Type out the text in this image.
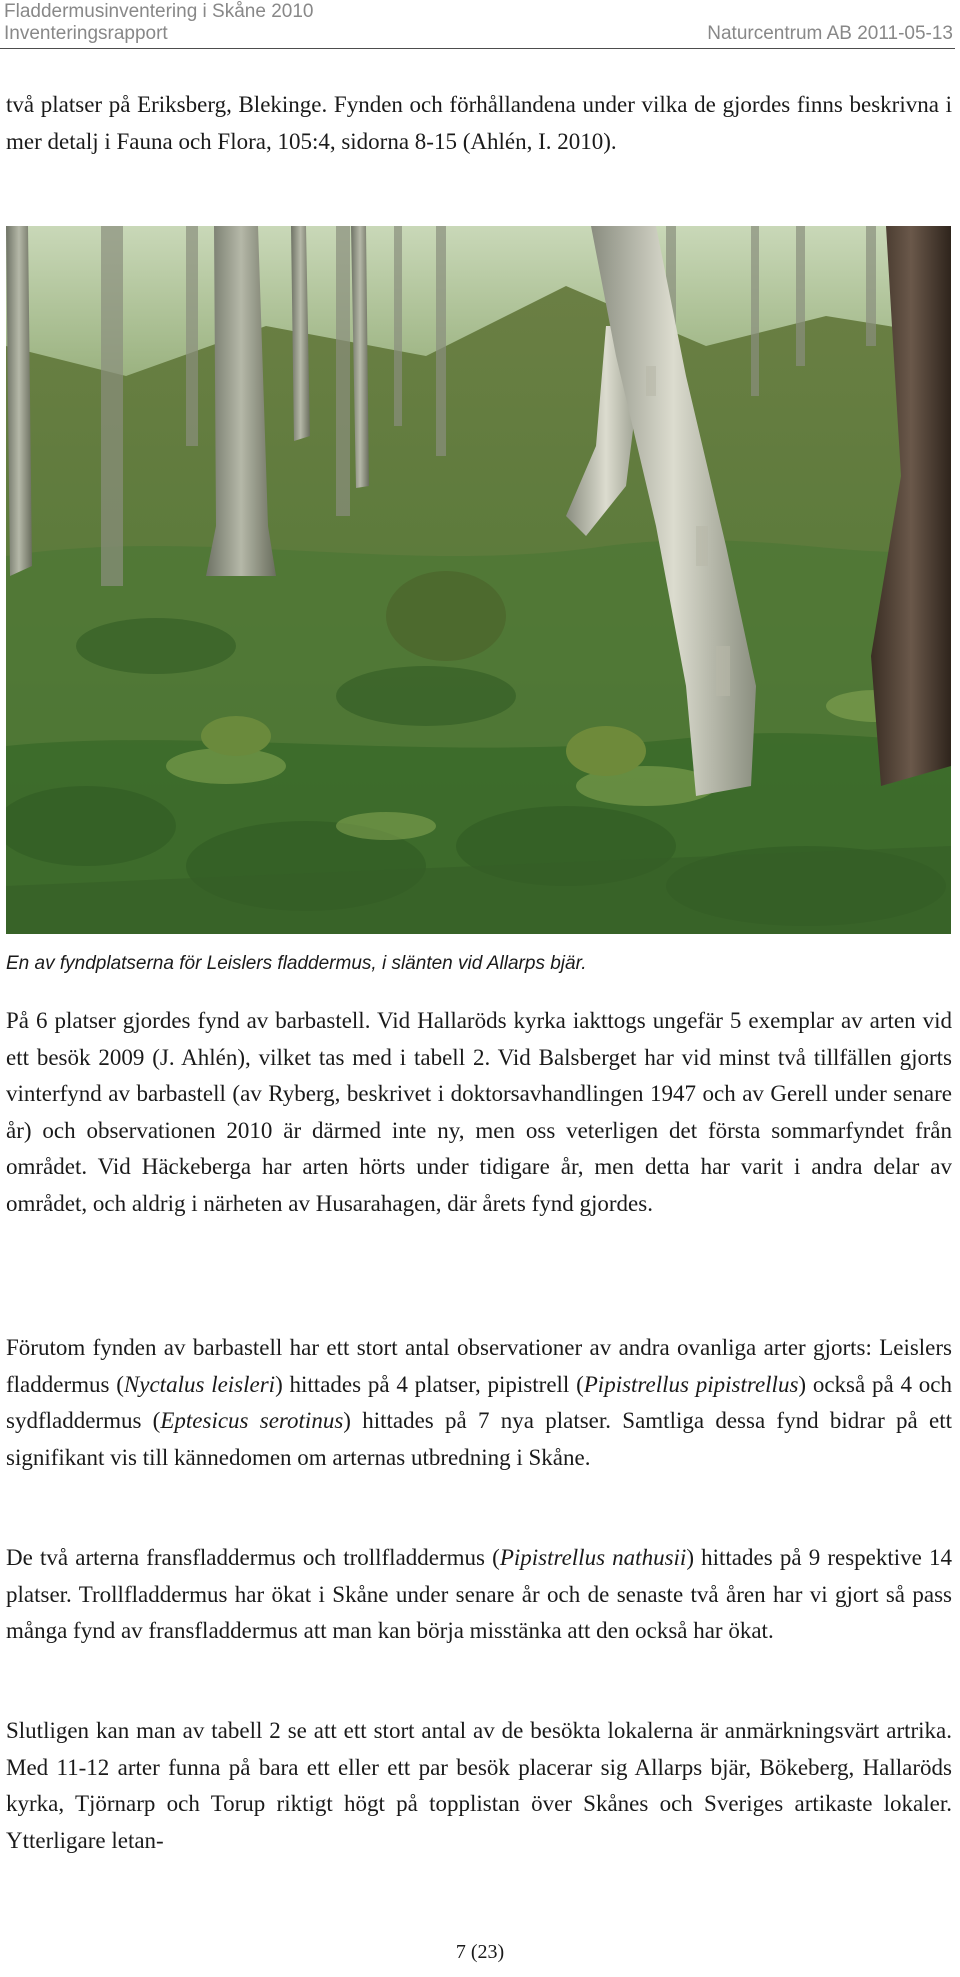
Fladdermusinventering i Skåne 2010
Inventeringsrapport	Naturcentrum AB 2011-05-13

två platser på Eriksberg, Blekinge. Fynden och förhållandena under vilka de gjordes finns beskrivna i mer detalj i Fauna och Flora, 105:4, sidorna 8-15 (Ahlén, I. 2010).

En av fyndplatserna för Leislers fladdermus, i slänten vid Allarps bjär.

På 6 platser gjordes fynd av barbastell. Vid Hallaröds kyrka iakttogs ungefär 5 exemplar av arten vid ett besök 2009 (J. Ahlén), vilket tas med i tabell 2. Vid Balsberget har vid minst två tillfällen gjorts vinterfynd av barbastell (av Ryberg, beskrivet i doktorsavhandlingen 1947 och av Gerell under senare år) och observationen 2010 är därmed inte ny, men oss veterligen det första sommarfyndet från området. Vid Häckeberga har arten hörts under tidigare år, men detta har varit i andra delar av området, och aldrig i närheten av Husarahagen, där årets fynd gjordes.

Förutom fynden av barbastell har ett stort antal observationer av andra ovanliga arter gjorts: Leislers fladdermus (Nyctalus leisleri) hittades på 4 platser, pipistrell (Pipistrellus pipistrellus) också på 4 och sydfladdermus (Eptesicus serotinus) hittades på 7 nya platser. Samtliga dessa fynd bidrar på ett signifikant vis till kännedomen om arternas utbredning i Skåne.

De två arterna fransfladdermus och trollfladdermus (Pipistrellus nathusii) hittades på 9 respektive 14 platser. Trollfladdermus har ökat i Skåne under senare år och de senaste två åren har vi gjort så pass många fynd av fransfladdermus att man kan börja misstänka att den också har ökat.

Slutligen kan man av tabell 2 se att ett stort antal av de besökta lokalerna är anmärkningsvärt artrika. Med 11-12 arter funna på bara ett eller ett par besök placerar sig Allarps bjär, Bökeberg, Hallaröds kyrka, Tjörnarp och Torup riktigt högt på topplistan över Skånes och Sveriges artikaste lokaler. Ytterligare letan-

7 (23)
